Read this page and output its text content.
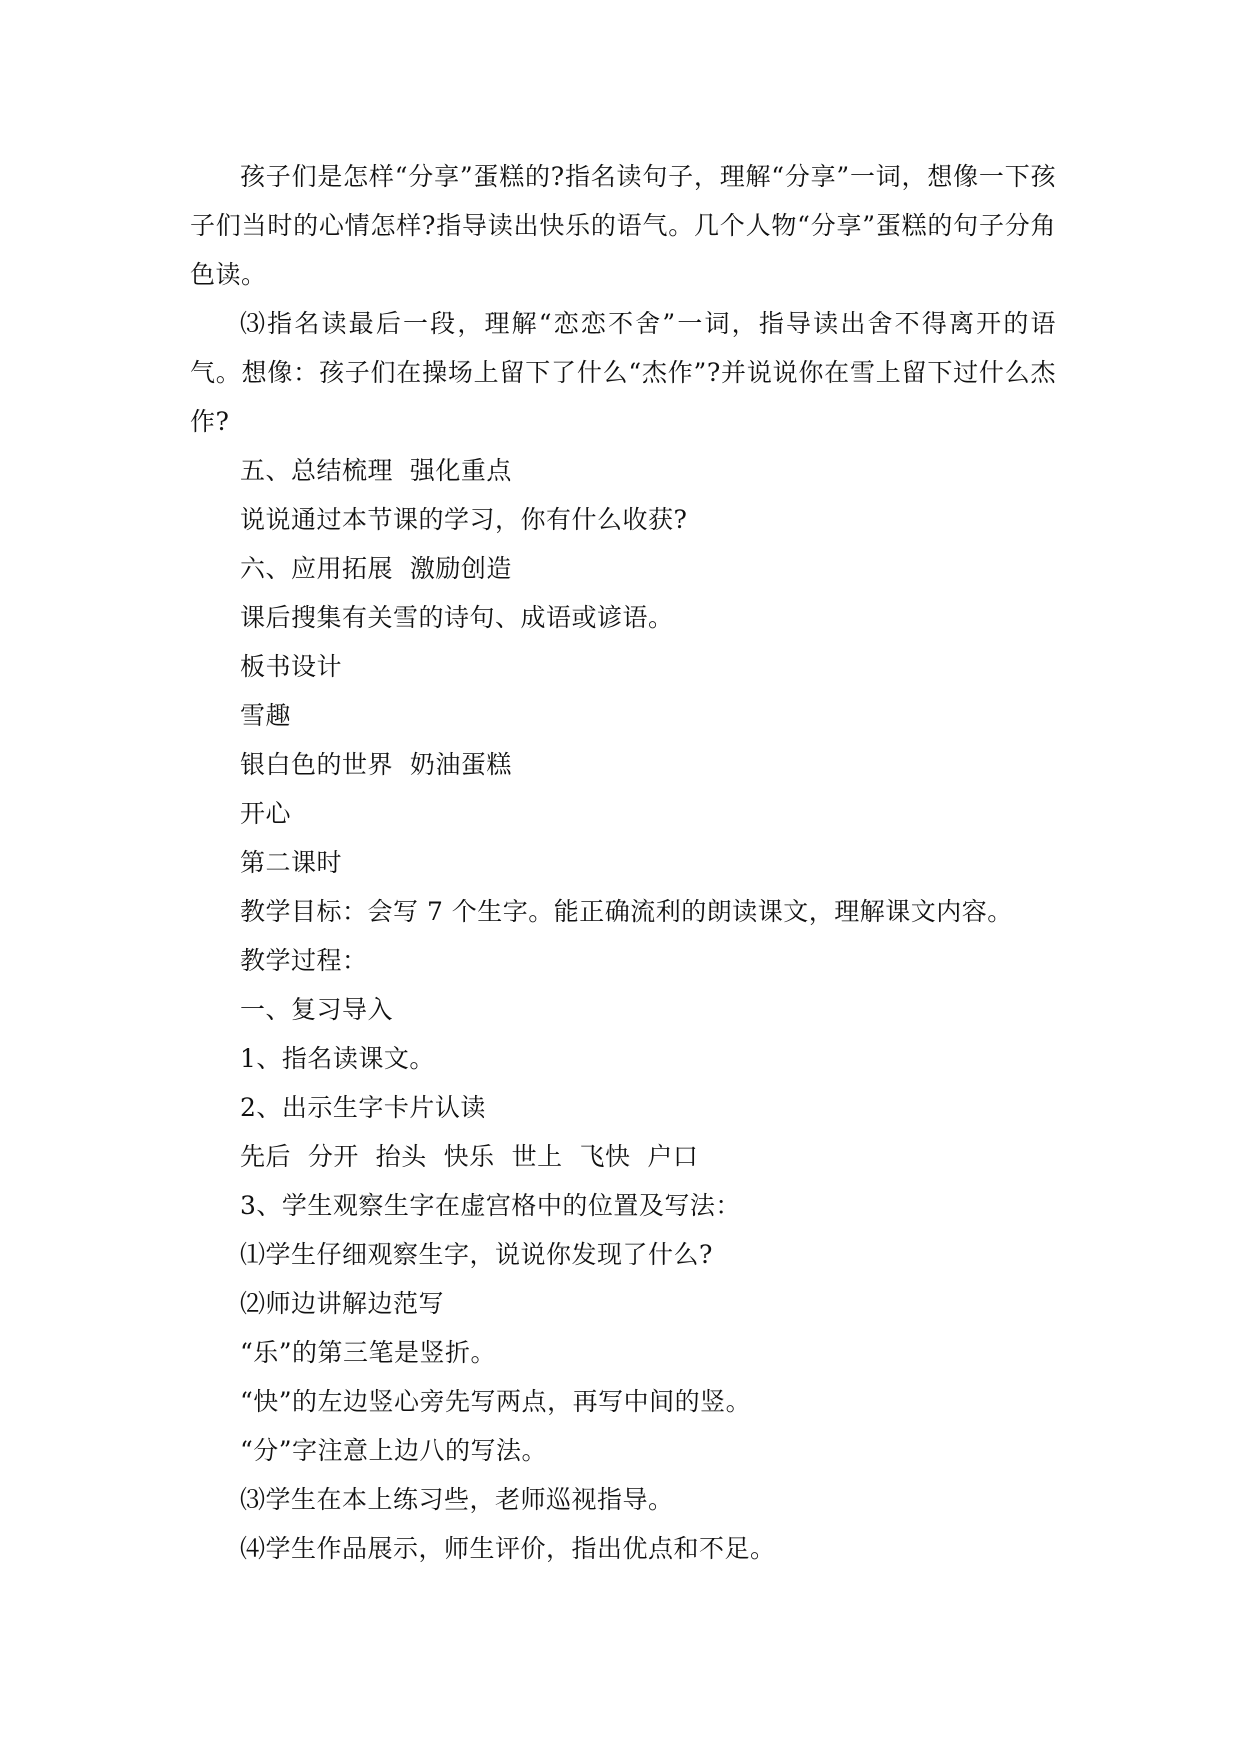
孩子们是怎样“分享”蛋糕的?指名读句子，理解“分享”一词，想像一下孩子们当时的心情怎样?指导读出快乐的语气。几个人物“分享”蛋糕的句子分角色读。

⑶指名读最后一段，理解“恋恋不舍”一词，指导读出舍不得离开的语气。想像：孩子们在操场上留下了什么“杰作”?并说说你在雪上留下过什么杰作?

五、总结梳理  强化重点

说说通过本节课的学习，你有什么收获?

六、应用拓展  激励创造

课后搜集有关雪的诗句、成语或谚语。

板书设计

雪趣

银白色的世界  奶油蛋糕

开心

第二课时

教学目标：会写 7 个生字。能正确流利的朗读课文，理解课文内容。

教学过程：

一、复习导入

1、指名读课文。

2、出示生字卡片认读

先后  分开  抬头  快乐  世上  飞快  户口

3、学生观察生字在虚宫格中的位置及写法：

⑴学生仔细观察生字，说说你发现了什么?

⑵师边讲解边范写

“乐”的第三笔是竖折。

“快”的左边竖心旁先写两点，再写中间的竖。

“分”字注意上边八的写法。

⑶学生在本上练习些，老师巡视指导。

⑷学生作品展示，师生评价，指出优点和不足。
